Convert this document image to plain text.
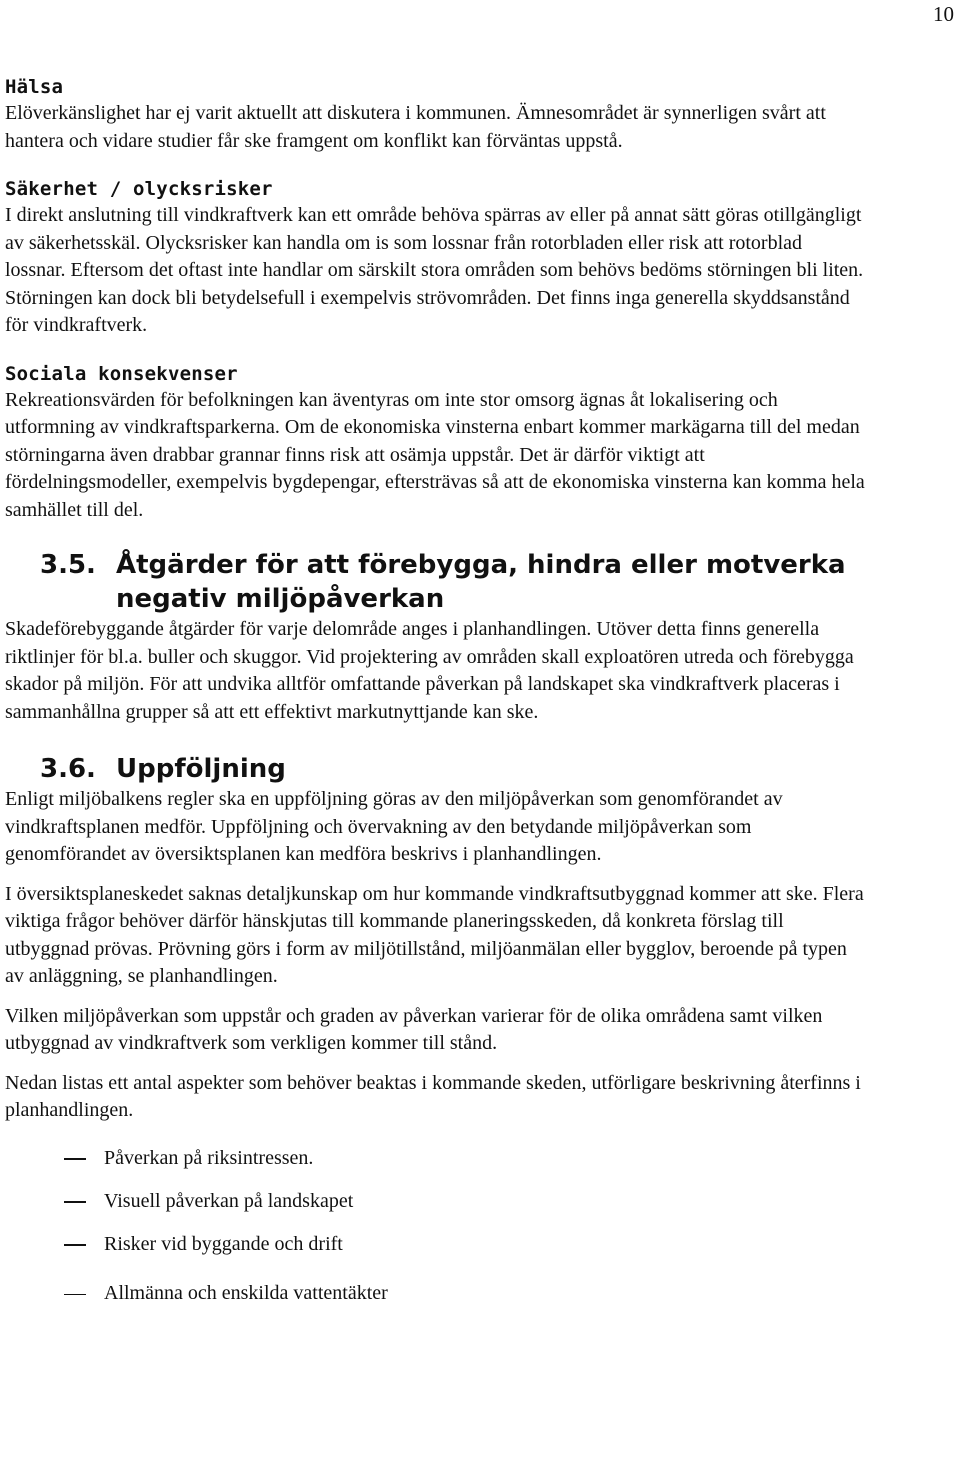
10
Hälsa

Elöverkänslighet har ej varit aktuellt att diskutera i kommunen. Ämnesområdet är synnerligen svårt att hantera och vidare studier får ske framgent om konflikt kan förväntas uppstå.

Säkerhet / olycksrisker

I direkt anslutning till vindkraftverk kan ett område behöva spärras av eller på annat sätt göras otillgängligt av säkerhetsskäl. Olycksrisker kan handla om is som lossnar från rotorbladen eller risk att rotorblad lossnar. Eftersom det oftast inte handlar om särskilt stora områden som behövs bedöms störningen bli liten. Störningen kan dock bli betydelsefull i exempelvis strövområden. Det finns inga generella skyddsanstånd för vindkraftverk.

Sociala konsekvenser

Rekreationsvärden för befolkningen kan äventyras om inte stor omsorg ägnas åt lokalisering och utformning av vindkraftsparkerna. Om de ekonomiska vinsterna enbart kommer markägarna till del medan störningarna även drabbar grannar finns risk att osämja uppstår. Det är därför viktigt att fördelningsmodeller, exempelvis bygdepengar, eftersträvas så att de ekonomiska vinsterna kan komma hela samhället till del.

3.5. Åtgärder för att förebygga, hindra eller motverka negativ miljöpåverkan

Skadeförebyggande åtgärder för varje delområde anges i planhandlingen. Utöver detta finns generella riktlinjer för bl.a. buller och skuggor. Vid projektering av områden skall exploatören utreda och förebygga skador på miljön. För att undvika alltför omfattande påverkan på landskapet ska vindkraftverk placeras i sammanhållna grupper så att ett effektivt markutnyttjande kan ske.

3.6. Uppföljning

Enligt miljöbalkens regler ska en uppföljning göras av den miljöpåverkan som genomförandet av vindkraftsplanen medför. Uppföljning och övervakning av den betydande miljöpåverkan som genomförandet av översiktsplanen kan medföra beskrivs i planhandlingen.

I översiktsplaneskedet saknas detaljkunskap om hur kommande vindkraftsutbyggnad kommer att ske. Flera viktiga frågor behöver därför hänskjutas till kommande planeringsskeden, då konkreta förslag till utbyggnad prövas. Prövning görs i form av miljötillstånd, miljöanmälan eller bygglov, beroende på typen av anläggning, se planhandlingen.

Vilken miljöpåverkan som uppstår och graden av påverkan varierar för de olika områdena samt vilken utbyggnad av vindkraftverk som verkligen kommer till stånd.

Nedan listas ett antal aspekter som behöver beaktas i kommande skeden, utförligare beskrivning återfinns i planhandlingen.

Påverkan på riksintressen.
Visuell påverkan på landskapet
Risker vid byggande och drift
Allmänna och enskilda vattentäkter
